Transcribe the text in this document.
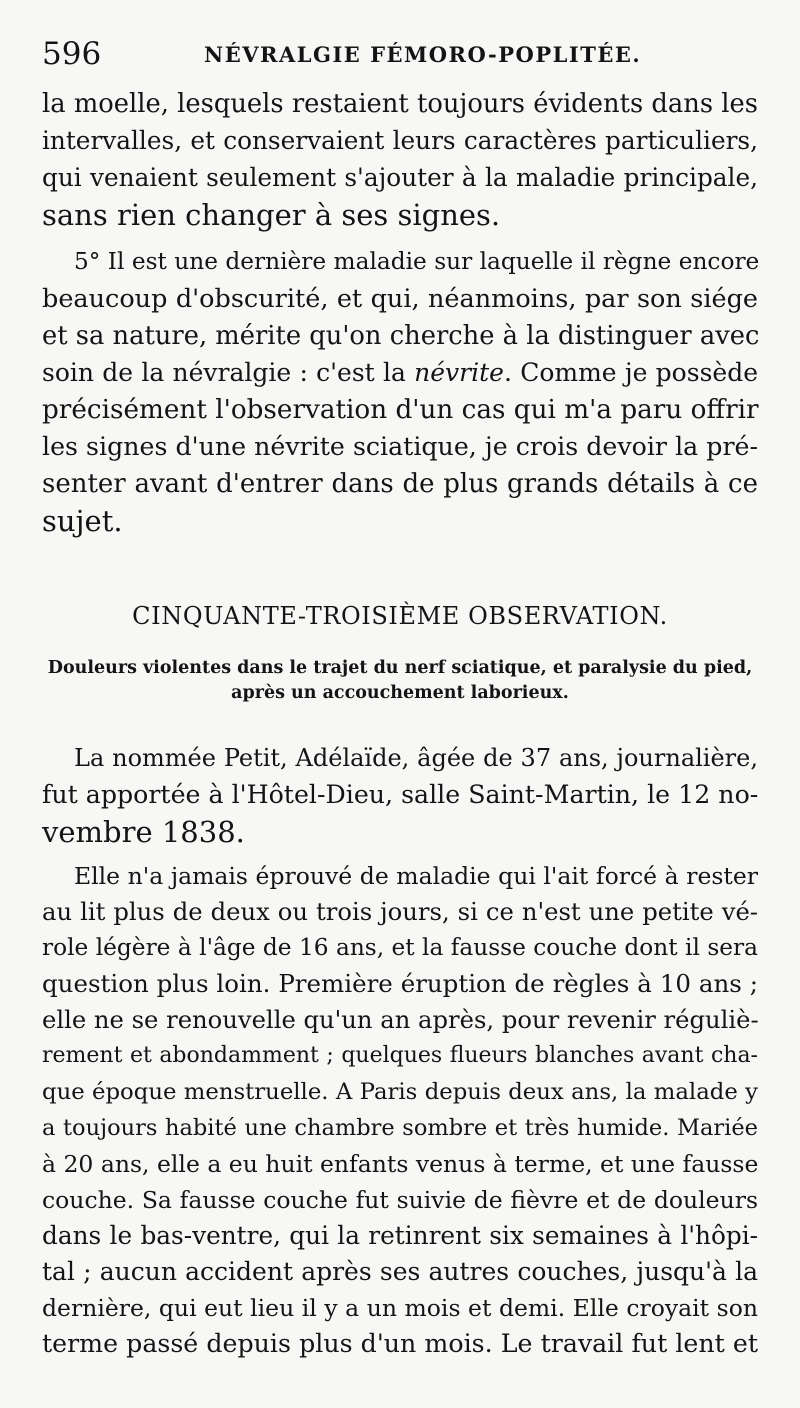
596	NÉVRALGIE FÉMORO-POPLITÉE.
la moelle, lesquels restaient toujours évidents dans les
intervalles, et conservaient leurs caractères particuliers,
qui venaient seulement s'ajouter à la maladie principale,
sans rien changer à ses signes.
5° Il est une dernière maladie sur laquelle il règne encore
beaucoup d'obscurité, et qui, néanmoins, par son siége
et sa nature, mérite qu'on cherche à la distinguer avec
soin de la névralgie : c'est la névrite. Comme je possède
précisément l'observation d'un cas qui m'a paru offrir
les signes d'une névrite sciatique, je crois devoir la pré-
senter avant d'entrer dans de plus grands détails à ce
sujet.
CINQUANTE-TROISIÈME OBSERVATION.
Douleurs violentes dans le trajet du nerf sciatique, et paralysie du pied,
après un accouchement laborieux.
La nommée Petit, Adélaïde, âgée de 37 ans, journalière,
fut apportée à l'Hôtel-Dieu, salle Saint-Martin, le 12 no-
vembre 1838.
Elle n'a jamais éprouvé de maladie qui l'ait forcé à rester
au lit plus de deux ou trois jours, si ce n'est une petite vé-
role légère à l'âge de 16 ans, et la fausse couche dont il sera
question plus loin. Première éruption de règles à 10 ans ;
elle ne se renouvelle qu'un an après, pour revenir réguliè-
rement et abondamment ; quelques flueurs blanches avant cha-
que époque menstruelle. A Paris depuis deux ans, la malade y
a toujours habité une chambre sombre et très humide. Mariée
à 20 ans, elle a eu huit enfants venus à terme, et une fausse
couche. Sa fausse couche fut suivie de fièvre et de douleurs
dans le bas-ventre, qui la retinrent six semaines à l'hôpi-
tal ; aucun accident après ses autres couches, jusqu'à la
dernière, qui eut lieu il y a un mois et demi. Elle croyait son
terme passé depuis plus d'un mois. Le travail fut lent et
